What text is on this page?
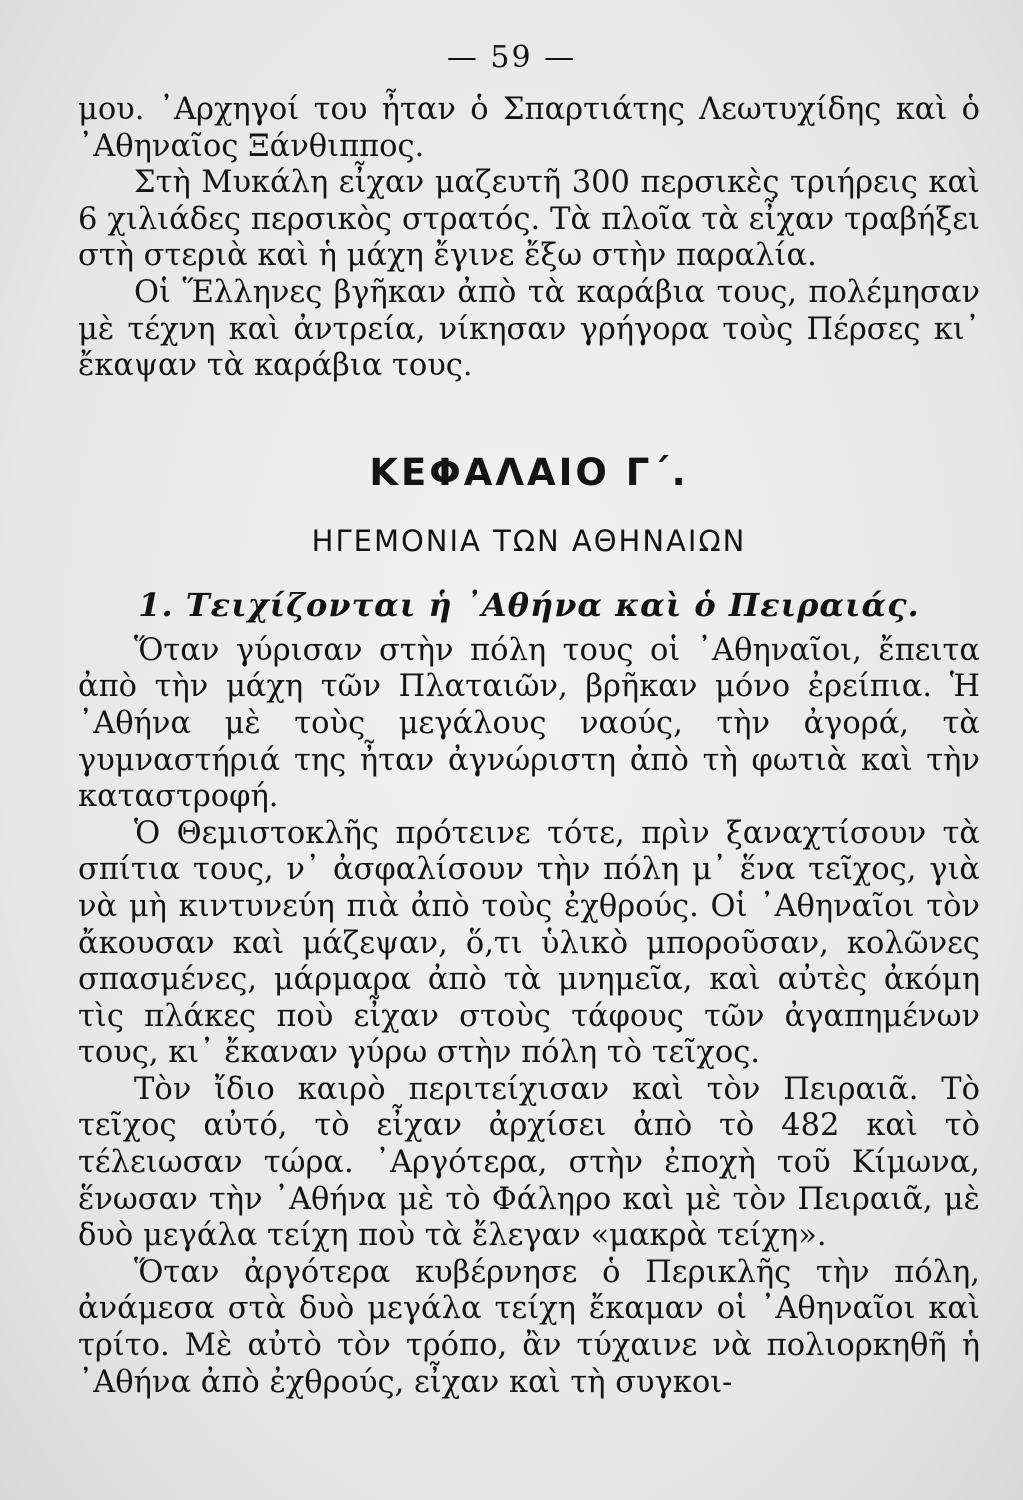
— 59 —

μου. ᾿Αρχηγοί του ἦταν ὁ Σπαρτιάτης Λεωτυχίδης καὶ ὁ ᾿Αθηναῖος Ξάνθιππος.

Στὴ Μυκάλη εἶχαν μαζευτῆ 300 περσικὲς τριήρεις καὶ 6 χιλιάδες περσικὸς στρατός. Τὰ πλοῖα τὰ εἶχαν τραβήξει στὴ στεριὰ καὶ ἡ μάχη ἔγινε ἔξω στὴν παραλία.

Οἱ Ἕλληνες βγῆκαν ἀπὸ τὰ καράβια τους, πολέμησαν μὲ τέχνη καὶ ἀντρεία, νίκησαν γρήγορα τοὺς Πέρσες κι᾿ ἔκαψαν τὰ καράβια τους.

ΚΕΦΑΛΑΙΟ Γ΄.
ΗΓΕΜΟΝΙΑ ΤΩΝ ΑΘΗΝΑΙΩΝ
1. Τειχίζονται ἡ ᾿Αθήνα καὶ ὁ Πειραιάς.

Ὅταν γύρισαν στὴν πόλη τους οἱ ᾿Αθηναῖοι, ἔπειτα ἀπὸ τὴν μάχη τῶν Πλαταιῶν, βρῆκαν μόνο ἐρείπια. Ἡ ᾿Αθήνα μὲ τοὺς μεγάλους ναούς, τὴν ἀγορά, τὰ γυμναστήριά της ἦταν ἀγνώριστη ἀπὸ τὴ φωτιὰ καὶ τὴν καταστροφή.

Ὁ Θεμιστοκλῆς πρότεινε τότε, πρὶν ξαναχτίσουν τὰ σπίτια τους, ν᾿ ἀσφαλίσουν τὴν πόλη μ᾿ ἕνα τεῖχος, γιὰ νὰ μὴ κιντυνεύη πιὰ ἀπὸ τοὺς ἐχθρούς. Οἱ ᾿Αθηναῖοι τὸν ἄκουσαν καὶ μάζεψαν, ὅ,τι ὑλικὸ μποροῦσαν, κολῶνες σπασμένες, μάρμαρα ἀπὸ τὰ μνημεῖα, καὶ αὐτὲς ἀκόμη τὶς πλάκες ποὺ εἶχαν στοὺς τάφους τῶν ἀγαπημένων τους, κι᾿ ἔκαναν γύρω στὴν πόλη τὸ τεῖχος.

Τὸν ἴδιο καιρὸ περιτείχισαν καὶ τὸν Πειραιᾶ. Τὸ τεῖχος αὐτό, τὸ εἶχαν ἀρχίσει ἀπὸ τὸ 482 καὶ τὸ τέλειωσαν τώρα. ᾿Αργότερα, στὴν ἐποχὴ τοῦ Κίμωνα, ἕνωσαν τὴν ᾿Αθήνα μὲ τὸ Φάληρο καὶ μὲ τὸν Πειραιᾶ, μὲ δυὸ μεγάλα τείχη ποὺ τὰ ἔλεγαν «μακρὰ τείχη».

Ὅταν ἀργότερα κυβέρνησε ὁ Περικλῆς τὴν πόλη, ἀνάμεσα στὰ δυὸ μεγάλα τείχη ἔκαμαν οἱ ᾿Αθηναῖοι καὶ τρίτο. Μὲ αὐτὸ τὸν τρόπο, ἂν τύχαινε νὰ πολιορκηθῆ ἡ ᾿Αθήνα ἀπὸ ἐχθρούς, εἶχαν καὶ τὴ συγκοι-
